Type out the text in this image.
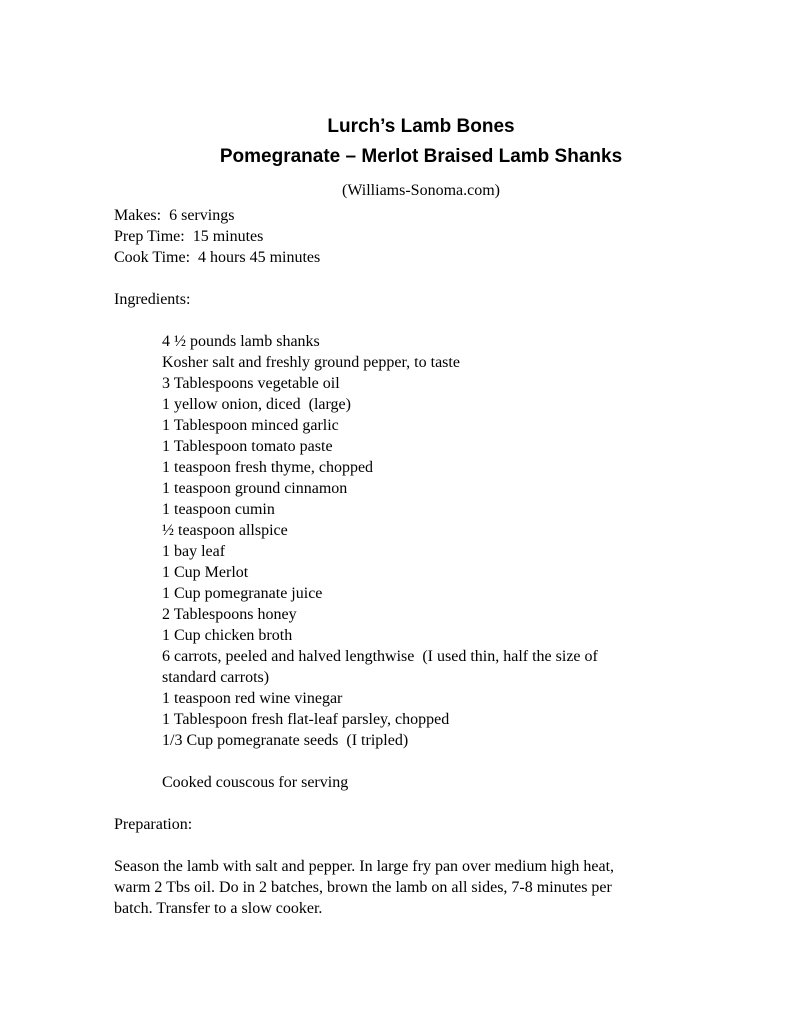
Lurch’s Lamb Bones
Pomegranate – Merlot Braised Lamb Shanks
(Williams-Sonoma.com)
Makes:  6 servings
Prep Time:  15 minutes
Cook Time:  4 hours 45 minutes
Ingredients:
4 ½ pounds lamb shanks
Kosher salt and freshly ground pepper, to taste
3 Tablespoons vegetable oil
1 yellow onion, diced  (large)
1 Tablespoon minced garlic
1 Tablespoon tomato paste
1 teaspoon fresh thyme, chopped
1 teaspoon ground cinnamon
1 teaspoon cumin
½ teaspoon allspice
1 bay leaf
1 Cup Merlot
1 Cup pomegranate juice
2 Tablespoons honey
1 Cup chicken broth
6 carrots, peeled and halved lengthwise  (I used thin, half the size of
standard carrots)
1 teaspoon red wine vinegar
1 Tablespoon fresh flat-leaf parsley, chopped
1/3 Cup pomegranate seeds  (I tripled)
Cooked couscous for serving
Preparation:
Season the lamb with salt and pepper. In large fry pan over medium high heat,
warm 2 Tbs oil. Do in 2 batches, brown the lamb on all sides, 7-8 minutes per
batch. Transfer to a slow cooker.
